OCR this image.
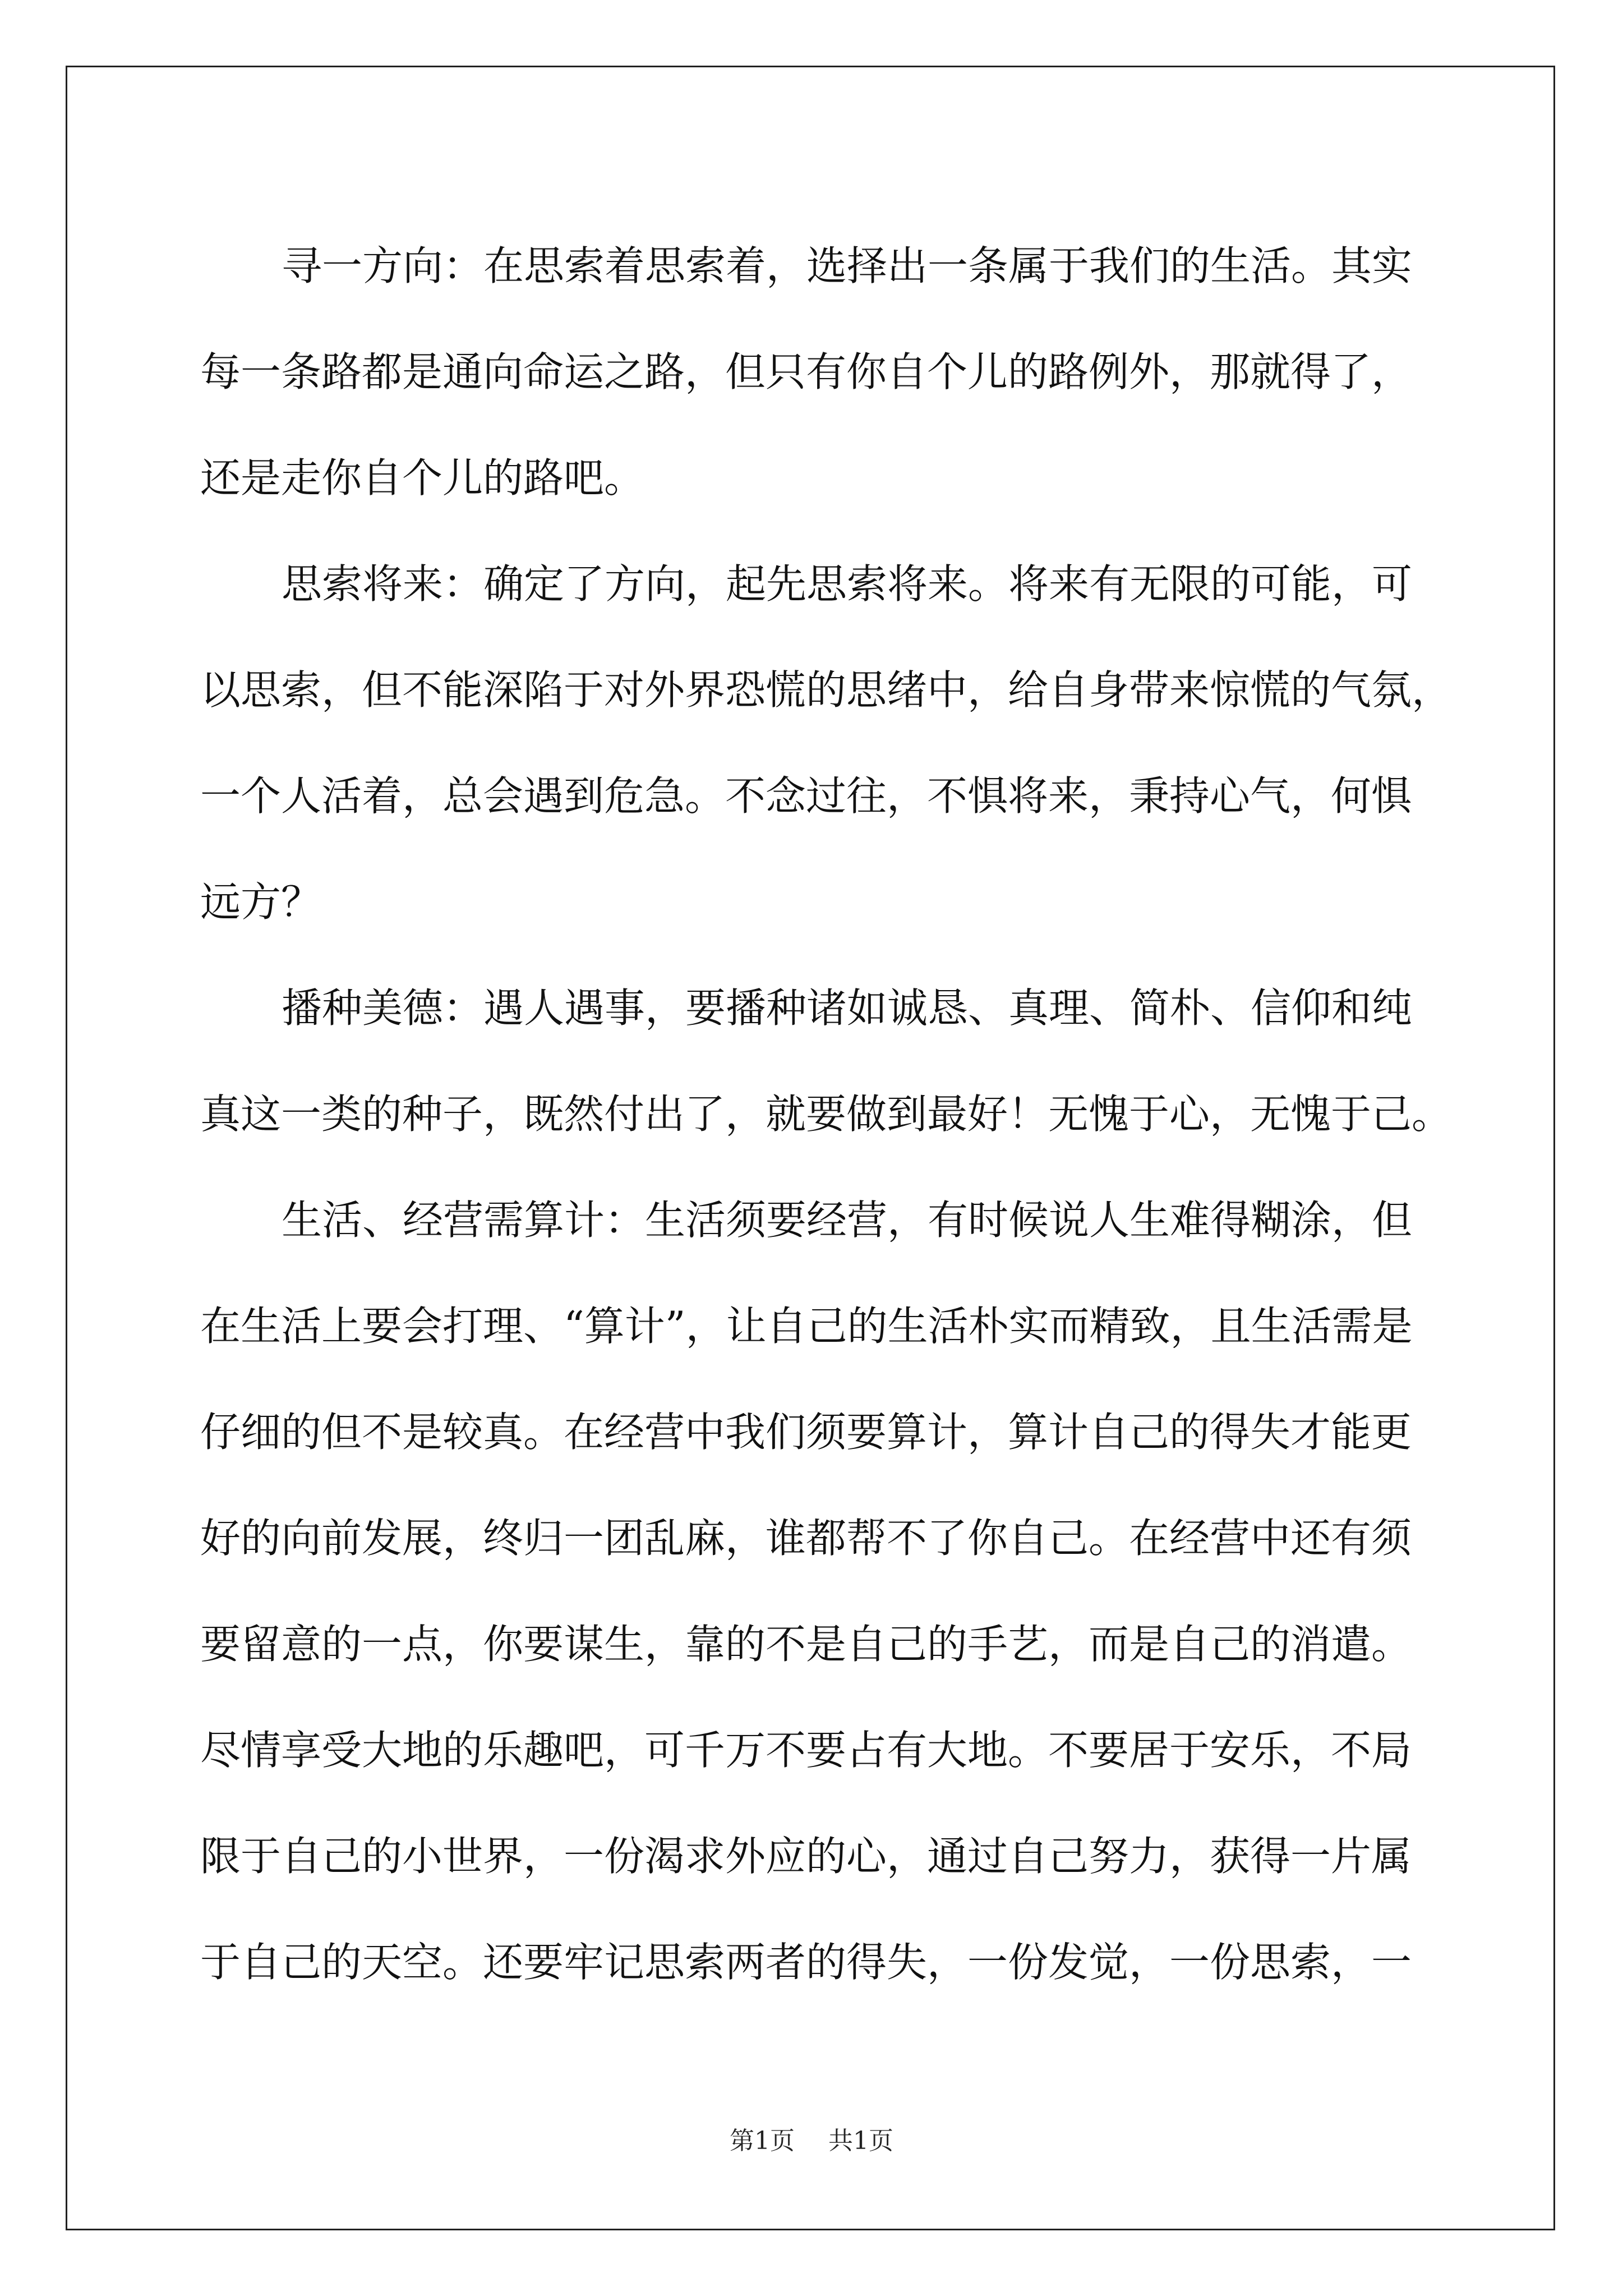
寻一方向：在思索着思索着，选择出一条属于我们的生活。其实
每一条路都是通向命运之路，但只有你自个儿的路例外，那就得了，
还是走你自个儿的路吧。
思索将来：确定了方向，起先思索将来。将来有无限的可能，可
以思索，但不能深陷于对外界恐慌的思绪中，给自身带来惊慌的气氛，
一个人活着，总会遇到危急。不念过往，不惧将来，秉持心气，何惧
远方？
播种美德：遇人遇事，要播种诸如诚恳、真理、简朴、信仰和纯
真这一类的种子，既然付出了，就要做到最好！无愧于心，无愧于己。
生活、经营需算计：生活须要经营，有时候说人生难得糊涂，但
在生活上要会打理、“算计”，让自己的生活朴实而精致，且生活需是
仔细的但不是较真。在经营中我们须要算计，算计自己的得失才能更
好的向前发展，终归一团乱麻，谁都帮不了你自己。在经营中还有须
要留意的一点，你要谋生，靠的不是自己的手艺，而是自己的消遣。
尽情享受大地的乐趣吧，可千万不要占有大地。不要居于安乐，不局
限于自己的小世界，一份渴求外应的心，通过自己努力，获得一片属
于自己的天空。还要牢记思索两者的得失，一份发觉，一份思索，一
第1页 共1页
